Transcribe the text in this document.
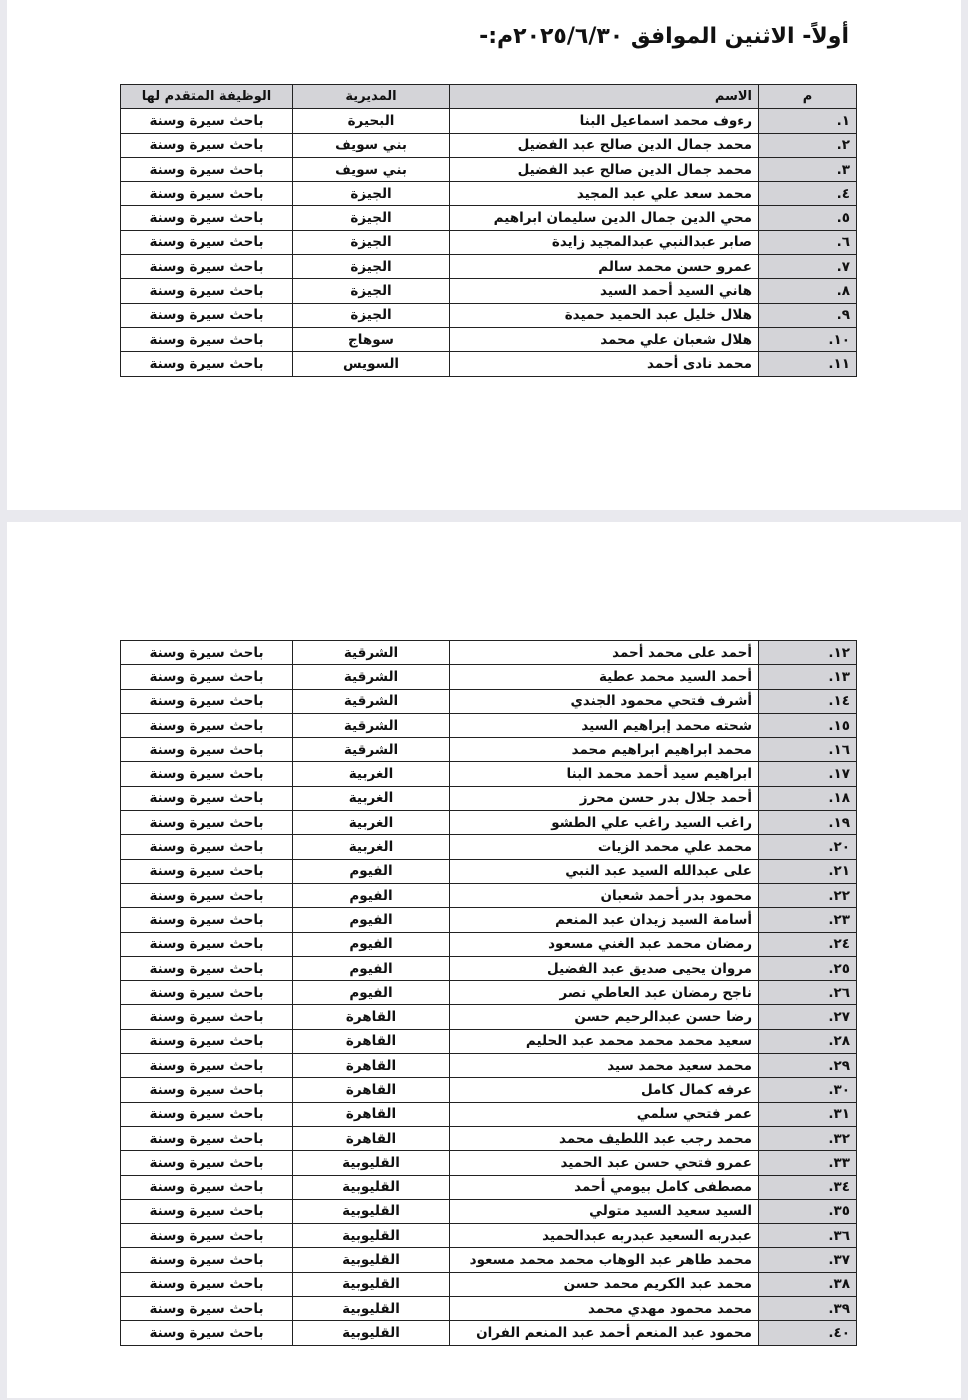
أولاً- الاثنين الموافق ٢٠٢٥/٦/٣٠م:-
م	الاسم	المديرية	الوظيفة المتقدم لها
١.	رءوف محمد اسماعيل البنا	البحيرة	باحث سيرة وسنة
٢.	محمد جمال الدين صالح عبد الفضيل	بني سويف	باحث سيرة وسنة
٣.	محمد جمال الدين صالح عبد الفضيل	بني سويف	باحث سيرة وسنة
٤.	محمد سعد علي عبد المجيد	الجيزة	باحث سيرة وسنة
٥.	محي الدين جمال الدين سليمان ابراهيم	الجيزة	باحث سيرة وسنة
٦.	صابر عبدالنبي عبدالمجيد زايدة	الجيزة	باحث سيرة وسنة
٧.	عمرو حسن محمد سالم	الجيزة	باحث سيرة وسنة
٨.	هاني السيد أحمد السيد	الجيزة	باحث سيرة وسنة
٩.	هلال خليل عبد الحميد حميدة	الجيزة	باحث سيرة وسنة
١٠.	هلال شعبان علي محمد	سوهاج	باحث سيرة وسنة
١١.	محمد نادى أحمد	السويس	باحث سيرة وسنة
١٢.	أحمد على محمد أحمد	الشرقية	باحث سيرة وسنة
١٣.	أحمد السيد محمد عطية	الشرقية	باحث سيرة وسنة
١٤.	أشرف فتحي محمود الجندي	الشرقية	باحث سيرة وسنة
١٥.	شحته محمد إبراهيم السيد	الشرقية	باحث سيرة وسنة
١٦.	محمد ابراهيم ابراهيم محمد	الشرقية	باحث سيرة وسنة
١٧.	ابراهيم سيد أحمد محمد البنا	الغربية	باحث سيرة وسنة
١٨.	أحمد جلال بدر حسن محرز	الغربية	باحث سيرة وسنة
١٩.	راغب السيد راغب علي الطشو	الغربية	باحث سيرة وسنة
٢٠.	محمد علي محمد الزيات	الغربية	باحث سيرة وسنة
٢١.	على عبدالله السيد عبد النبي	الفيوم	باحث سيرة وسنة
٢٢.	محمود بدر أحمد شعبان	الفيوم	باحث سيرة وسنة
٢٣.	أسامة السيد زيدان عبد المنعم	الفيوم	باحث سيرة وسنة
٢٤.	رمضان محمد عبد الغني مسعود	الفيوم	باحث سيرة وسنة
٢٥.	مروان يحيى صديق عبد الفضيل	الفيوم	باحث سيرة وسنة
٢٦.	ناجح رمضان عبد العاطي نصر	الفيوم	باحث سيرة وسنة
٢٧.	رضا حسن عبدالرحيم حسن	القاهرة	باحث سيرة وسنة
٢٨.	سعيد محمد محمد محمد عبد الحليم	القاهرة	باحث سيرة وسنة
٢٩.	محمد سعيد محمد سيد	القاهرة	باحث سيرة وسنة
٣٠.	عرفه كمال كامل	القاهرة	باحث سيرة وسنة
٣١.	عمر فتحي سلمي	القاهرة	باحث سيرة وسنة
٣٢.	محمد رجب عبد اللطيف محمد	القاهرة	باحث سيرة وسنة
٣٣.	عمرو فتحي حسن عبد الحميد	القليوبية	باحث سيرة وسنة
٣٤.	مصطفى كامل بيومي أحمد	القليوبية	باحث سيرة وسنة
٣٥.	السيد سعيد السيد متولي	القليوبية	باحث سيرة وسنة
٣٦.	عبدربه السعيد عبدربه عبدالحميد	القليوبية	باحث سيرة وسنة
٣٧.	محمد طاهر عبد الوهاب محمد محمد مسعود	القليوبية	باحث سيرة وسنة
٣٨.	محمد عبد الكريم محمد حسن	القليوبية	باحث سيرة وسنة
٣٩.	محمد محمود مهدي محمد	القليوبية	باحث سيرة وسنة
٤٠.	محمود عبد المنعم أحمد عبد المنعم الفران	القليوبية	باحث سيرة وسنة
